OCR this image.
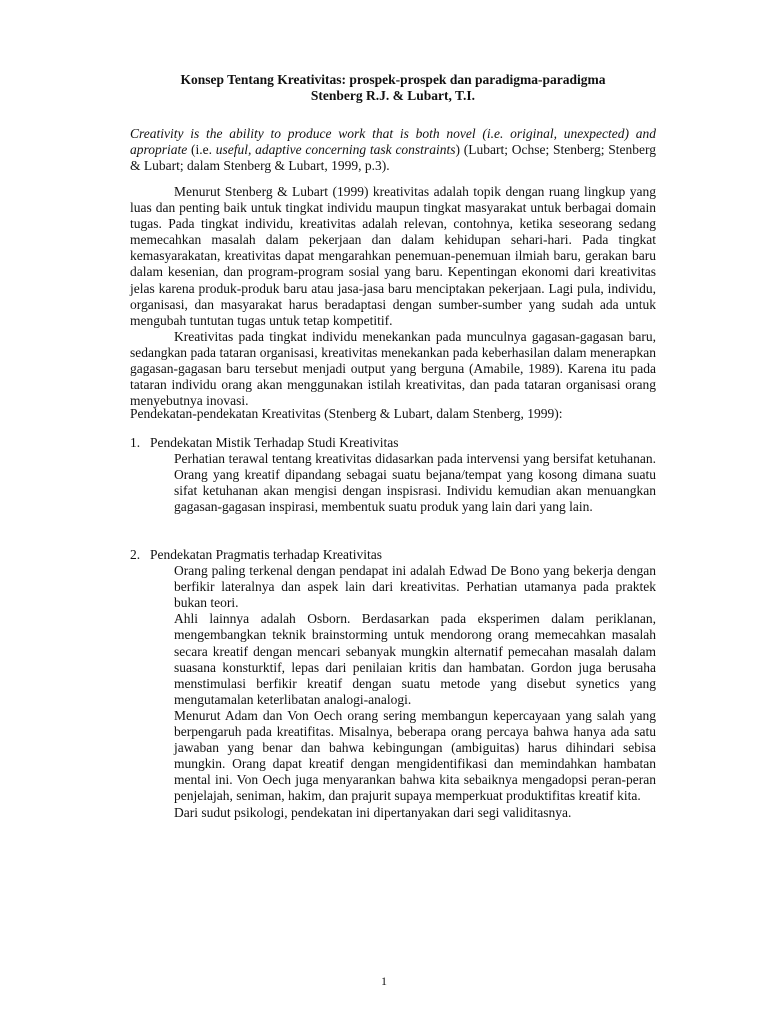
Konsep Tentang Kreativitas: prospek-prospek dan paradigma-paradigma
Stenberg R.J. & Lubart, T.I.

Creativity is the ability to produce work that is both novel (i.e. original, unexpected) and apropriate (i.e. useful, adaptive concerning task constraints) (Lubart; Ochse; Stenberg; Stenberg & Lubart; dalam Stenberg & Lubart, 1999, p.3).

Menurut Stenberg & Lubart (1999) kreativitas adalah topik dengan ruang lingkup yang luas dan penting baik untuk tingkat individu maupun tingkat masyarakat untuk berbagai domain tugas. Pada tingkat individu, kreativitas adalah relevan, contohnya, ketika seseorang sedang memecahkan masalah dalam pekerjaan dan dalam kehidupan sehari-hari. Pada tingkat kemasyarakatan, kreativitas dapat mengarahkan penemuan-penemuan ilmiah baru, gerakan baru dalam kesenian, dan program-program sosial yang baru. Kepentingan ekonomi dari kreativitas jelas karena produk-produk baru atau jasa-jasa baru menciptakan pekerjaan. Lagi pula, individu, organisasi, dan masyarakat harus beradaptasi dengan sumber-sumber yang sudah ada untuk mengubah tuntutan tugas untuk tetap kompetitif.

Kreativitas pada tingkat individu menekankan pada munculnya gagasan-gagasan baru, sedangkan pada tataran organisasi, kreativitas menekankan pada keberhasilan dalam menerapkan gagasan-gagasan baru tersebut menjadi output yang berguna (Amabile, 1989). Karena itu pada tataran individu orang akan menggunakan istilah kreativitas, dan pada tataran organisasi orang menyebutnya inovasi.

Pendekatan-pendekatan Kreativitas (Stenberg & Lubart, dalam Stenberg, 1999):

1. Pendekatan Mistik Terhadap Studi Kreativitas

Perhatian terawal tentang kreativitas didasarkan pada intervensi yang bersifat ketuhanan. Orang yang kreatif dipandang sebagai suatu bejana/tempat yang kosong dimana suatu sifat ketuhanan akan mengisi dengan inspisrasi. Individu kemudian akan menuangkan gagasan-gagasan inspirasi, membentuk suatu produk yang lain dari yang lain.

2. Pendekatan Pragmatis terhadap Kreativitas

Orang paling terkenal dengan pendapat ini adalah Edwad De Bono yang bekerja dengan berfikir lateralnya dan aspek lain dari kreativitas. Perhatian utamanya pada praktek bukan teori.

Ahli lainnya adalah Osborn. Berdasarkan pada eksperimen dalam periklanan, mengembangkan teknik brainstorming untuk mendorong orang memecahkan masalah secara kreatif dengan mencari sebanyak mungkin alternatif pemecahan masalah dalam suasana konsturktif, lepas dari penilaian kritis dan hambatan. Gordon juga berusaha menstimulasi berfikir kreatif dengan suatu metode yang disebut synetics yang mengutamalan keterlibatan analogi-analogi.

Menurut Adam dan Von Oech orang sering membangun kepercayaan yang salah yang berpengaruh pada kreatifitas. Misalnya, beberapa orang percaya bahwa hanya ada satu jawaban yang benar dan bahwa kebingungan (ambiguitas) harus dihindari sebisa mungkin. Orang dapat kreatif dengan mengidentifikasi dan memindahkan hambatan mental ini. Von Oech juga menyarankan bahwa kita sebaiknya mengadopsi peran-peran penjelajah, seniman, hakim, dan prajurit supaya memperkuat produktifitas kreatif kita.

Dari sudut psikologi, pendekatan ini dipertanyakan dari segi validitasnya.

1
